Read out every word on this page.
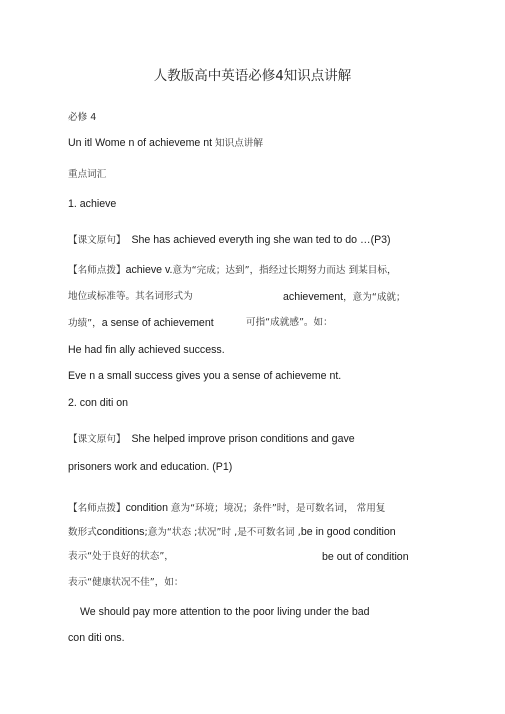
人教版高中英语必修4知识点讲解
必修 4
Un itl Wome n of achieveme nt 知识点讲解
重点词汇
1. achieve
【课文原句】 She has achieved everyth ing she wan ted to do …(P3)
【名师点拨】achieve v.意为“完成；达到”，指经过长期努力而达 到某目标，
地位或标准等。其名词形式为	achievement，意为“成就；
功绩”，a sense of achievement	可指“成就感”。如：
He had fin ally achieved success.
Eve n a small success gives you a sense of achieveme nt.
2. con diti on
【课文原句】 She helped improve prison conditions and gave
prisoners work and education. (P1)
【名师点拨】condition 意为“环境；境况；条件”时，是可数名词， 常用复
数形式conditions;意为“状态 ;状况”时 ,是不可数名词 ,be in good condition
表示“处于良好的状态”，	be out of condition
表示“健康状况不佳”，如：
We should pay more attention to the poor living under the bad
con diti ons.
